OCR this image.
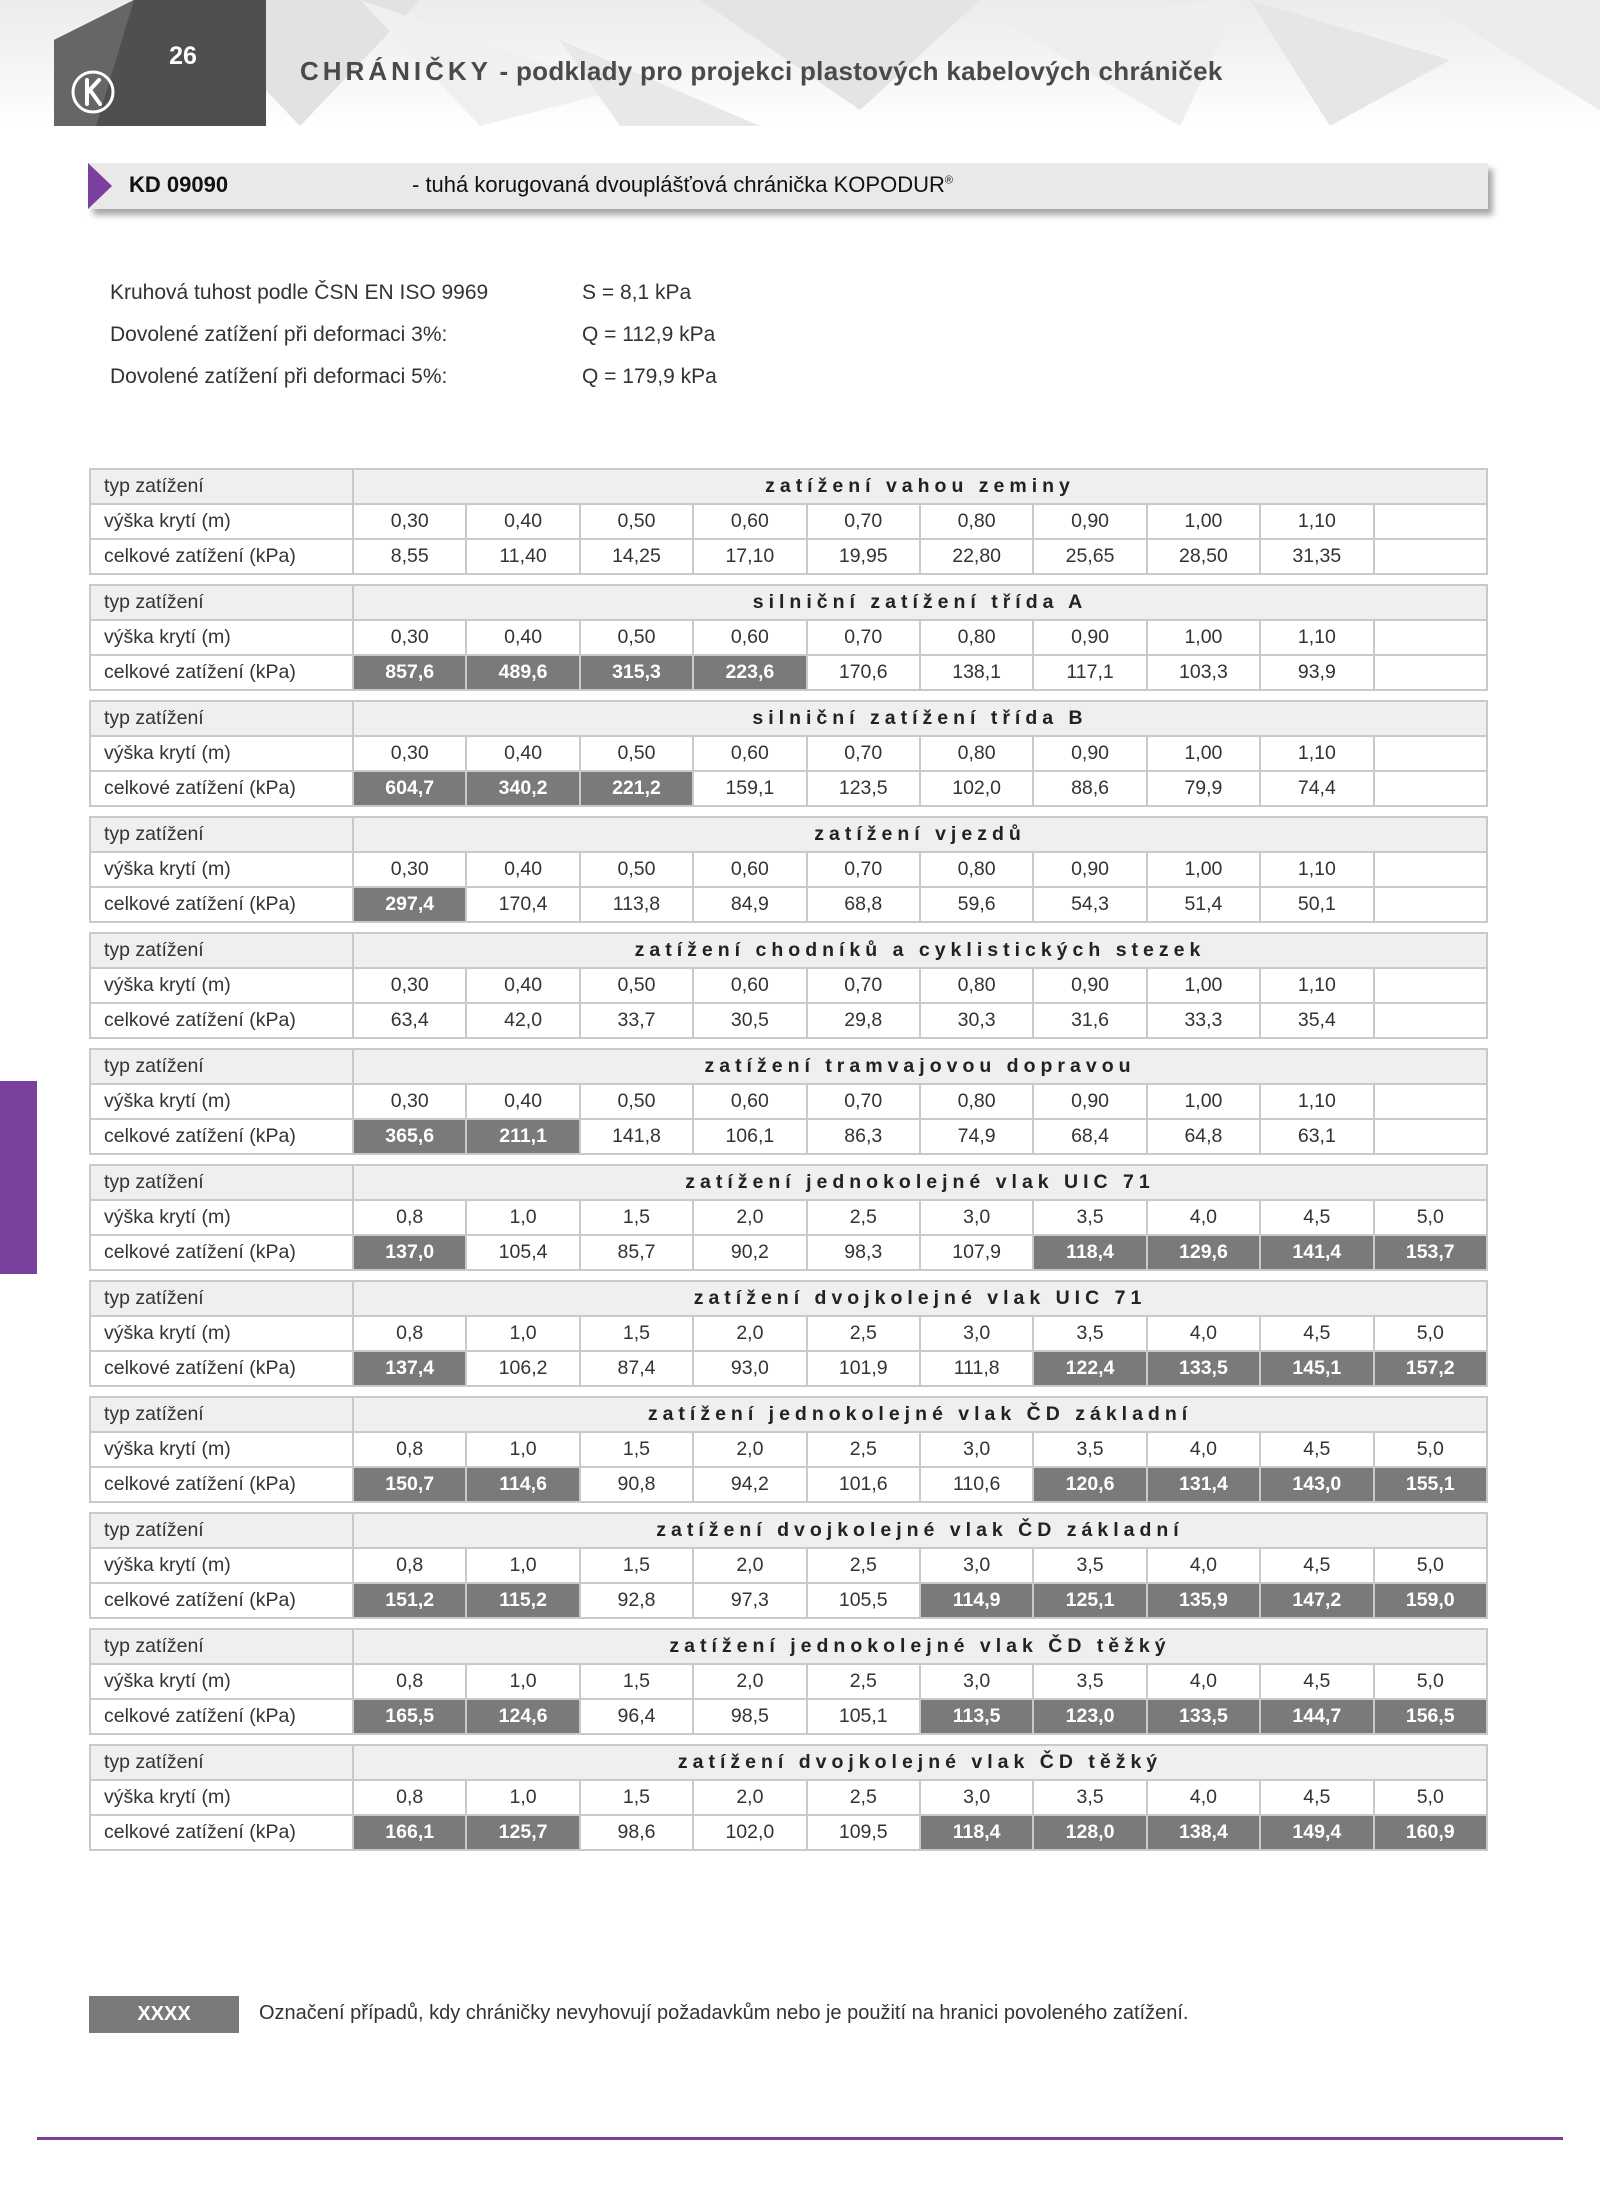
26	CHRÁNIČKY - podklady pro projekci plastových kabelových chrániček
KD 09090	- tuhá korugovaná dvouplášťová chránička KOPODUR®
Kruhová tuhost podle ČSN EN ISO 9969	S = 8,1 kPa
Dovolené zatížení při deformaci 3%:	Q = 112,9 kPa
Dovolené zatížení při deformaci 5%:	Q = 179,9 kPa
typ zatížení	zatížení vahou zeminy									
výška krytí (m)	0,30	0,40	0,50	0,60	0,70	0,80	0,90	1,00	1,10	
celkové zatížení (kPa)	8,55	11,40	14,25	17,10	19,95	22,80	25,65	28,50	31,35	

typ zatížení	silniční zatížení třída A									
výška krytí (m)	0,30	0,40	0,50	0,60	0,70	0,80	0,90	1,00	1,10	
celkové zatížení (kPa)	857,6	489,6	315,3	223,6	170,6	138,1	117,1	103,3	93,9	

typ zatížení	silniční zatížení třída B									
výška krytí (m)	0,30	0,40	0,50	0,60	0,70	0,80	0,90	1,00	1,10	
celkové zatížení (kPa)	604,7	340,2	221,2	159,1	123,5	102,0	88,6	79,9	74,4	

typ zatížení	zatížení vjezdů									
výška krytí (m)	0,30	0,40	0,50	0,60	0,70	0,80	0,90	1,00	1,10	
celkové zatížení (kPa)	297,4	170,4	113,8	84,9	68,8	59,6	54,3	51,4	50,1	

typ zatížení	zatížení chodníků a cyklistických stezek									
výška krytí (m)	0,30	0,40	0,50	0,60	0,70	0,80	0,90	1,00	1,10	
celkové zatížení (kPa)	63,4	42,0	33,7	30,5	29,8	30,3	31,6	33,3	35,4	

typ zatížení	zatížení tramvajovou dopravou									
výška krytí (m)	0,30	0,40	0,50	0,60	0,70	0,80	0,90	1,00	1,10	
celkové zatížení (kPa)	365,6	211,1	141,8	106,1	86,3	74,9	68,4	64,8	63,1	

typ zatížení	zatížení jednokolejné vlak UIC 71									
výška krytí (m)	0,8	1,0	1,5	2,0	2,5	3,0	3,5	4,0	4,5	5,0
celkové zatížení (kPa)	137,0	105,4	85,7	90,2	98,3	107,9	118,4	129,6	141,4	153,7

typ zatížení	zatížení dvojkolejné vlak UIC 71									
výška krytí (m)	0,8	1,0	1,5	2,0	2,5	3,0	3,5	4,0	4,5	5,0
celkové zatížení (kPa)	137,4	106,2	87,4	93,0	101,9	111,8	122,4	133,5	145,1	157,2

typ zatížení	zatížení jednokolejné vlak ČD základní									
výška krytí (m)	0,8	1,0	1,5	2,0	2,5	3,0	3,5	4,0	4,5	5,0
celkové zatížení (kPa)	150,7	114,6	90,8	94,2	101,6	110,6	120,6	131,4	143,0	155,1

typ zatížení	zatížení dvojkolejné vlak ČD základní									
výška krytí (m)	0,8	1,0	1,5	2,0	2,5	3,0	3,5	4,0	4,5	5,0
celkové zatížení (kPa)	151,2	115,2	92,8	97,3	105,5	114,9	125,1	135,9	147,2	159,0

typ zatížení	zatížení jednokolejné vlak ČD těžký									
výška krytí (m)	0,8	1,0	1,5	2,0	2,5	3,0	3,5	4,0	4,5	5,0
celkové zatížení (kPa)	165,5	124,6	96,4	98,5	105,1	113,5	123,0	133,5	144,7	156,5

typ zatížení	zatížení dvojkolejné vlak ČD těžký									
výška krytí (m)	0,8	1,0	1,5	2,0	2,5	3,0	3,5	4,0	4,5	5,0
celkové zatížení (kPa)	166,1	125,7	98,6	102,0	109,5	118,4	128,0	138,4	149,4	160,9
XXXX	Označení případů, kdy chráničky nevyhovují požadavkům nebo je použití na hranici povoleného zatížení.
